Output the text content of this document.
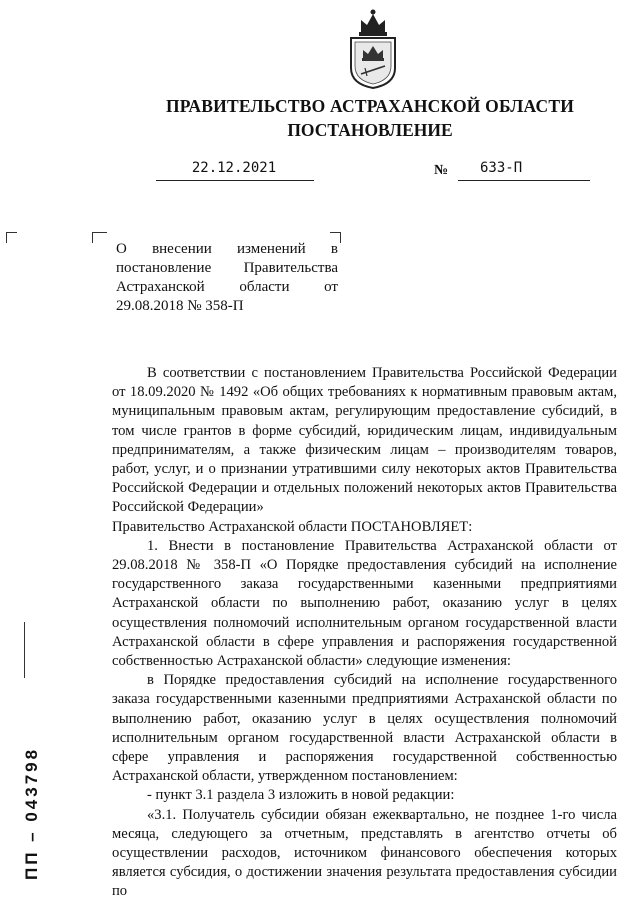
ПРАВИТЕЛЬСТВО АСТРАХАНСКОЙ ОБЛАСТИ
ПОСТАНОВЛЕНИЕ
22.12.2021	№ 633-П
О внесении изменений в постановление Правительства Астраханской области от 29.08.2018 № 358-П

В соответствии с постановлением Правительства Российской Федерации от 18.09.2020 № 1492 «Об общих требованиях к нормативным правовым актам, муниципальным правовым актам, регулирующим предоставление субсидий, в том числе грантов в форме субсидий, юридическим лицам, индивидуальным предпринимателям, а также физическим лицам – производителям товаров, работ, услуг, и о признании утратившими силу некоторых актов Правительства Российской Федерации и отдельных положений некоторых актов Правительства Российской Федерации»

Правительство Астраханской области ПОСТАНОВЛЯЕТ:

1. Внести в постановление Правительства Астраханской области от 29.08.2018 № 358-П «О Порядке предоставления субсидий на исполнение государственного заказа государственными казенными предприятиями Астраханской области по выполнению работ, оказанию услуг в целях осуществления полномочий исполнительным органом государственной власти Астраханской области в сфере управления и распоряжения государственной собственностью Астраханской области» следующие изменения:

в Порядке предоставления субсидий на исполнение государственного заказа государственными казенными предприятиями Астраханской области по выполнению работ, оказанию услуг в целях осуществления полномочий исполнительным органом государственной власти Астраханской области в сфере управления и распоряжения государственной собственностью Астраханской области, утвержденном постановлением:

- пункт 3.1 раздела 3 изложить в новой редакции:

«3.1. Получатель субсидии обязан ежеквартально, не позднее 1-го числа месяца, следующего за отчетным, представлять в агентство отчеты об осуществлении расходов, источником финансового обеспечения которых является субсидия, о достижении значения результата предоставления субсидии по

ПП – 043798
